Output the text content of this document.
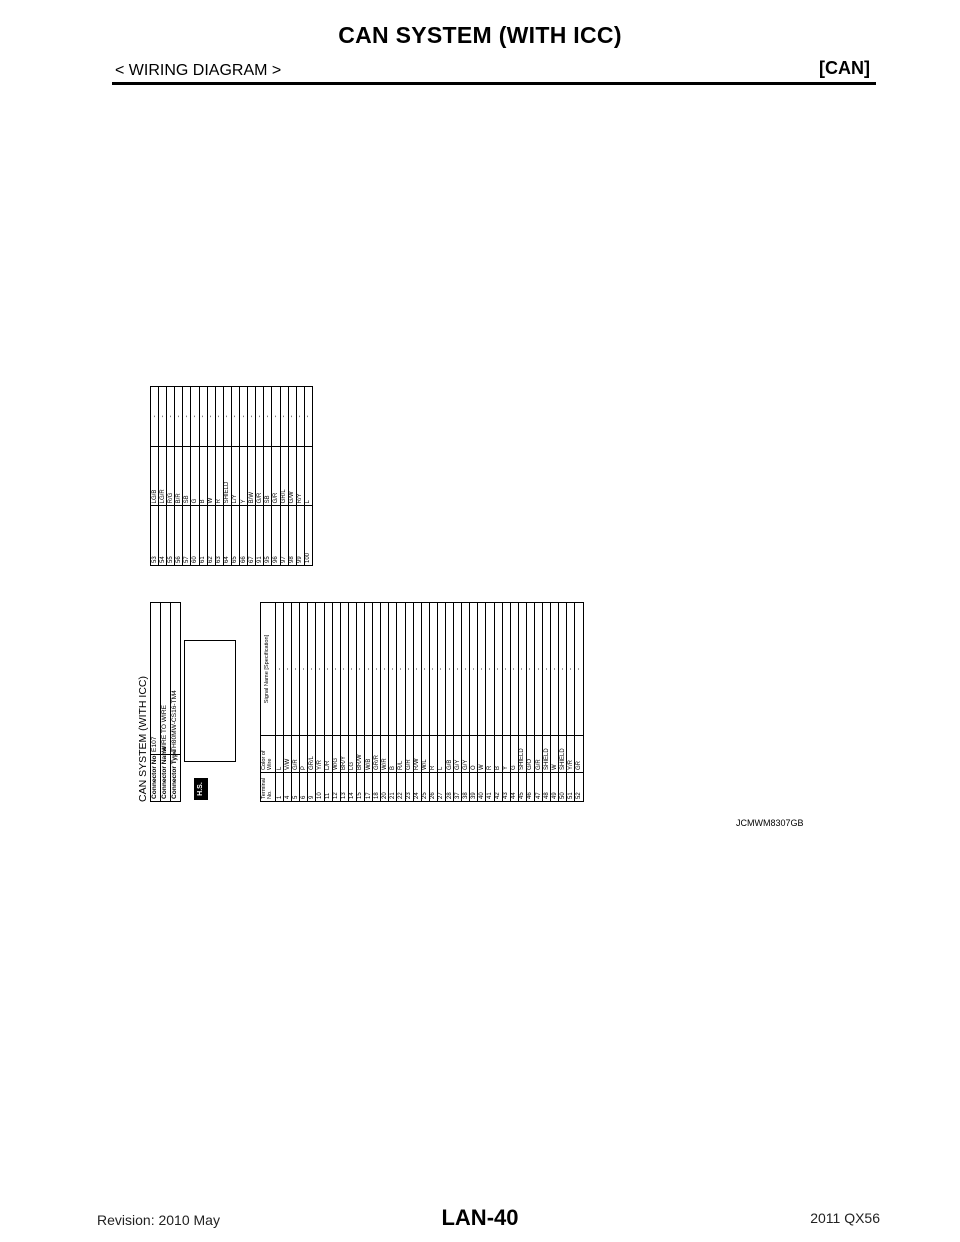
CAN SYSTEM (WITH ICC)
< WIRING DIAGRAM >	[CAN]
CAN SYSTEM (WITH ICC) Connector No.	E107
Connector Name	WIRE TO WIRE
Connector Type	TH80MW-CS16-TM4
H.S.	Terminal No.	Color of Wire	Signal Name [Specification]
1	L	-
4	V/W	-
5	G/R	-
6	P	-
9	GR/L	-
10	Y/R	-
11	L/R	-
12	W/G	-
13	BR/Y	-
14	LG	-
15	BR/W	-
17	W/B	-
18	GR/R	-
20	W/R	-
21	B	-
22	R/L	-
23	G/R	-
24	R/W	-
25	W/L	-
26	R	-
27	L	-
28	G/B	-
37	G/Y	-
38	G/Y	-
39	O	-
40	W	-
41	R	-
42	B	-
43	Y	-
44	G	-
45	SHIELD	-
46	G/O	-
47	G/R	-
48	SHIELD	-
49	W	-
50	SHIELD	-
51	Y/R	-
52	GR	-
53	LG/B	-
54	LG/R	-
55	R/G	-
56	B/R	-
57	SB	-
60	G	-
61	B	-
62	W	-
63	R	-
64	SHIELD	-
65	L/Y	-
66	Y	-
67	B/W	-
91	G/R	-
95	SB	-
96	G/R	-
97	GR/L	-
98	G/W	-
99	R/Y	-
100	L	-
JCMWM8307GB
Revision: 2010 May	LAN-40	2011 QX56
